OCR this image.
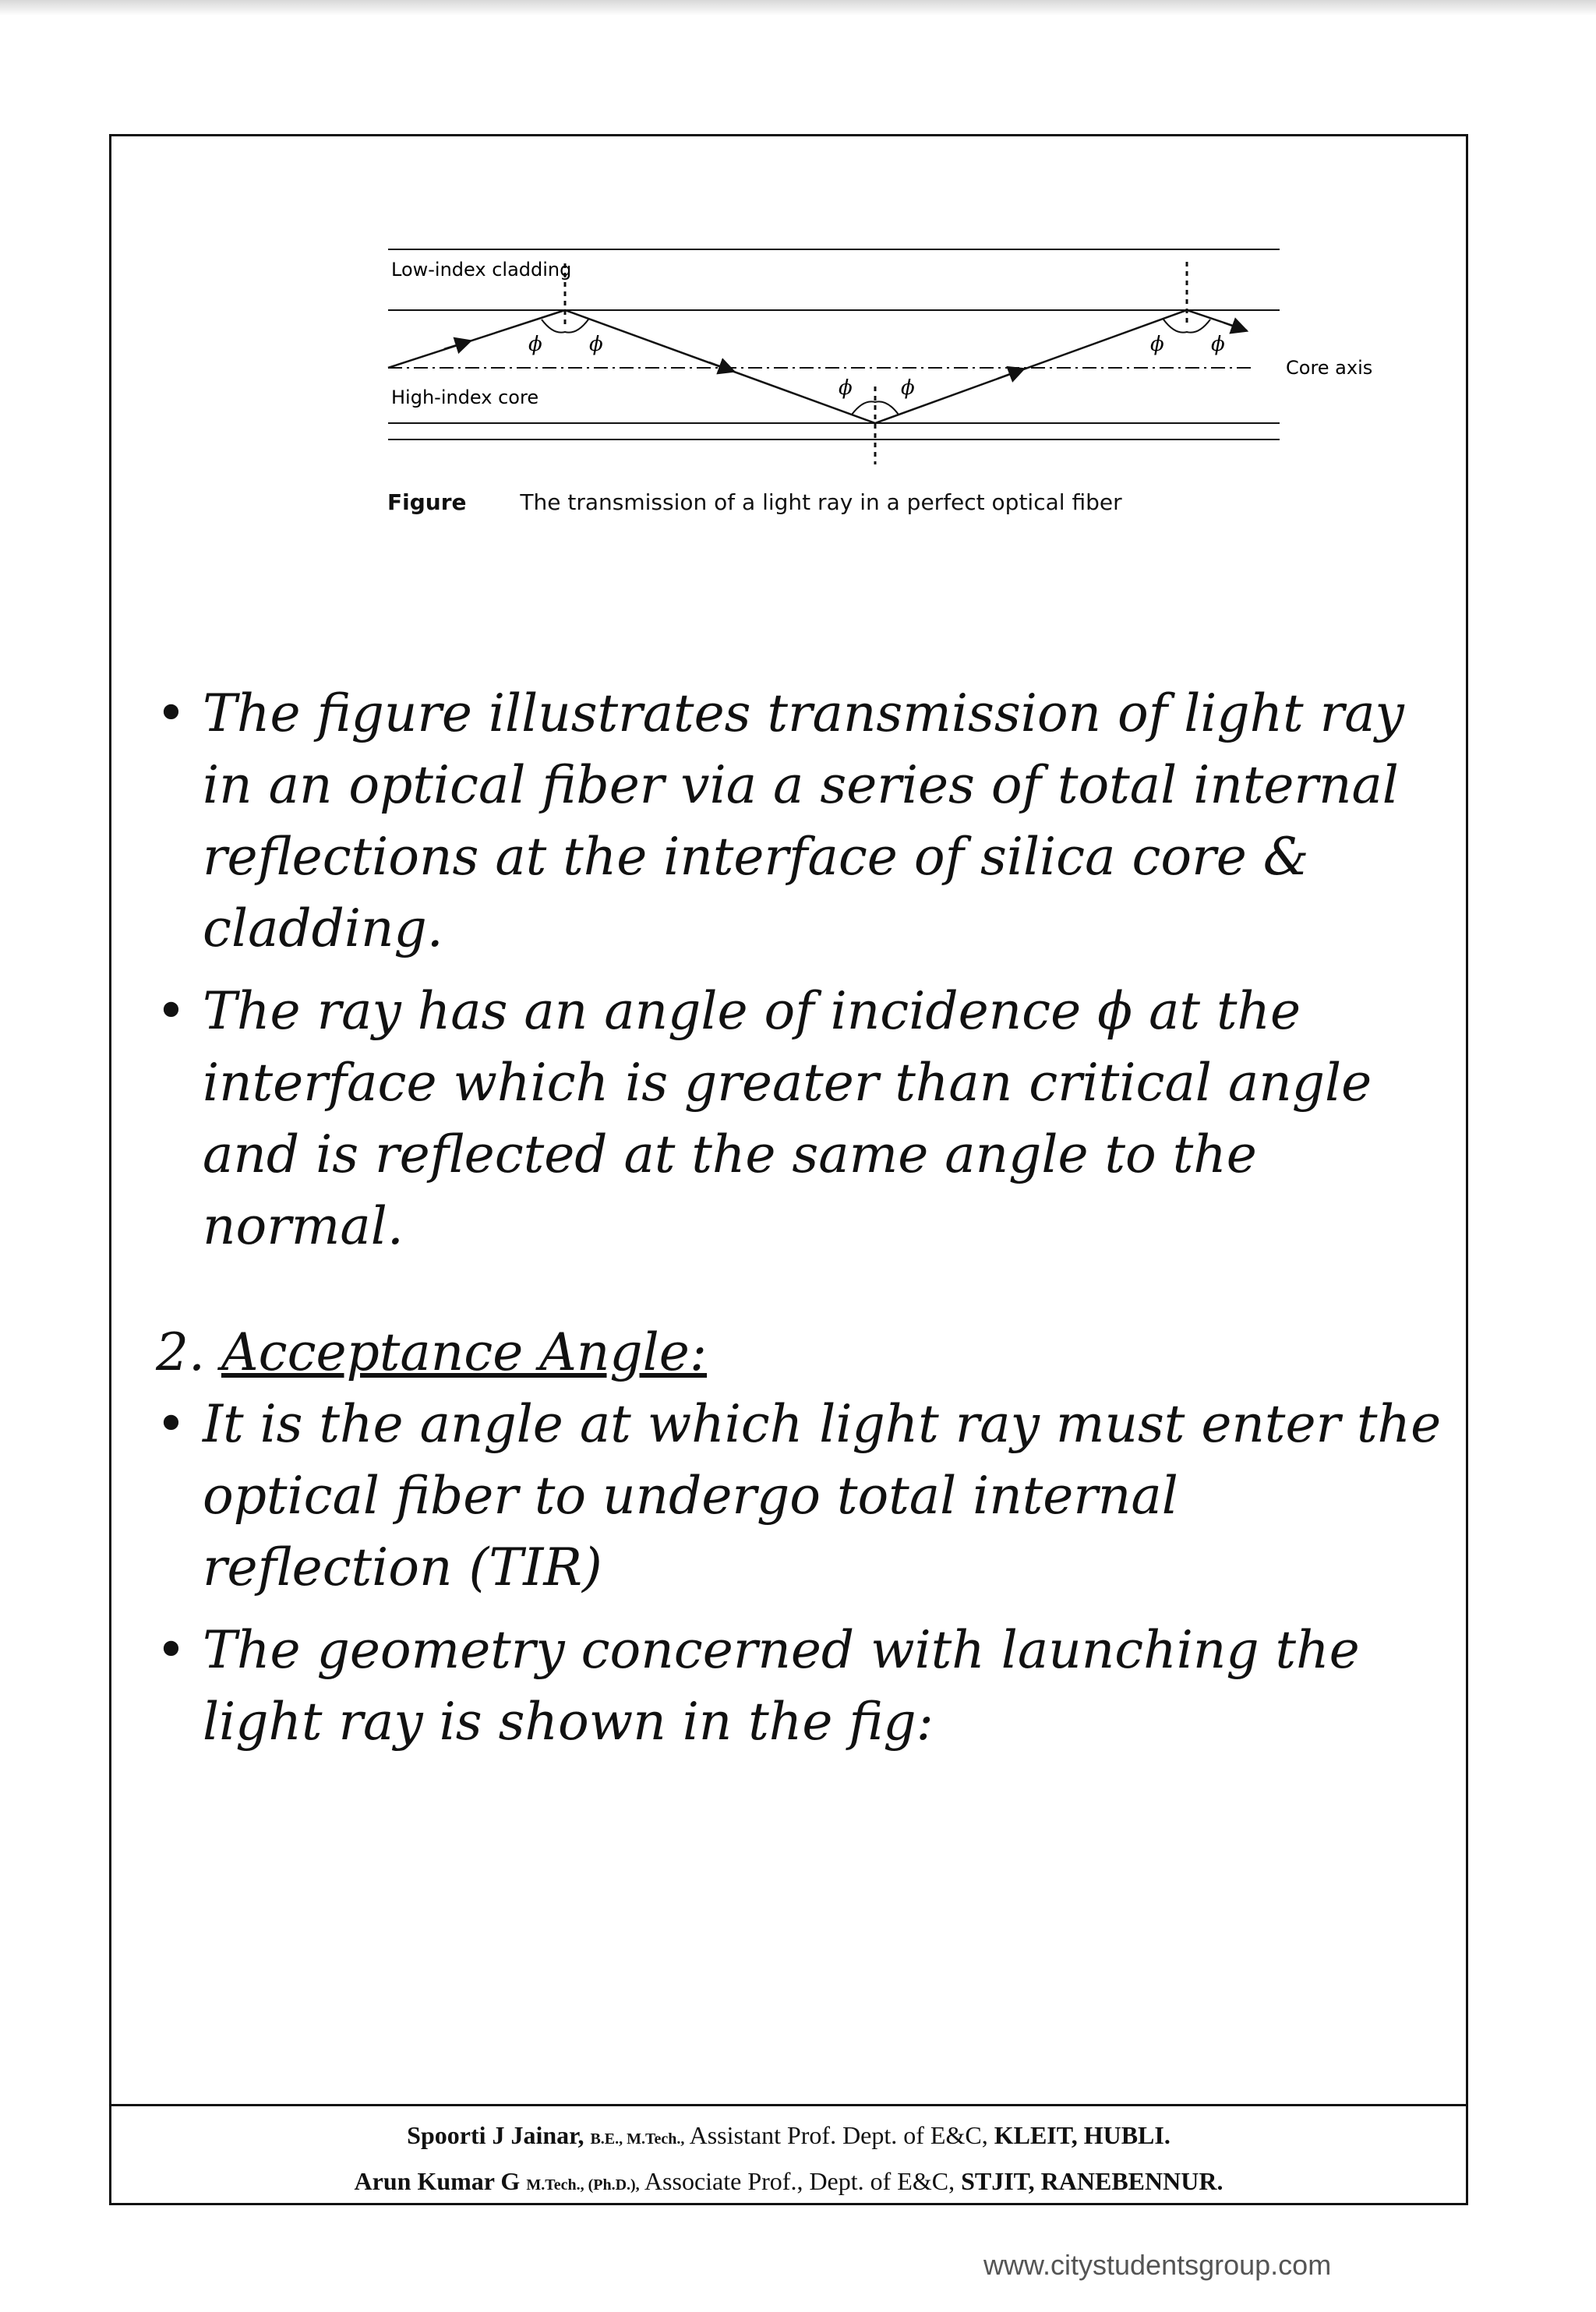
ϕ ϕ
ϕ ϕ
ϕ ϕ
Low-index cladding
High-index core
Core axis
Figure The transmission of a light ray in a perfect optical fiber

• The figure illustrates transmission of light ray in an optical fiber via a series of total internal reflections at the interface of silica core & cladding.

• The ray has an angle of incidence ϕ at the interface which is greater than critical angle and is reflected at the same angle to the normal.

2. Acceptance Angle:

• It is the angle at which light ray must enter the optical fiber to undergo total internal reflection (TIR)

• The geometry concerned with launching the light ray is shown in the fig:

Spoorti J Jainar, B.E., M.Tech., Assistant Prof. Dept. of E&C, KLEIT, HUBLI.
Arun Kumar G M.Tech., (Ph.D.), Associate Prof., Dept. of E&C, STJIT, RANEBENNUR.
www.citystudentsgroup.com
